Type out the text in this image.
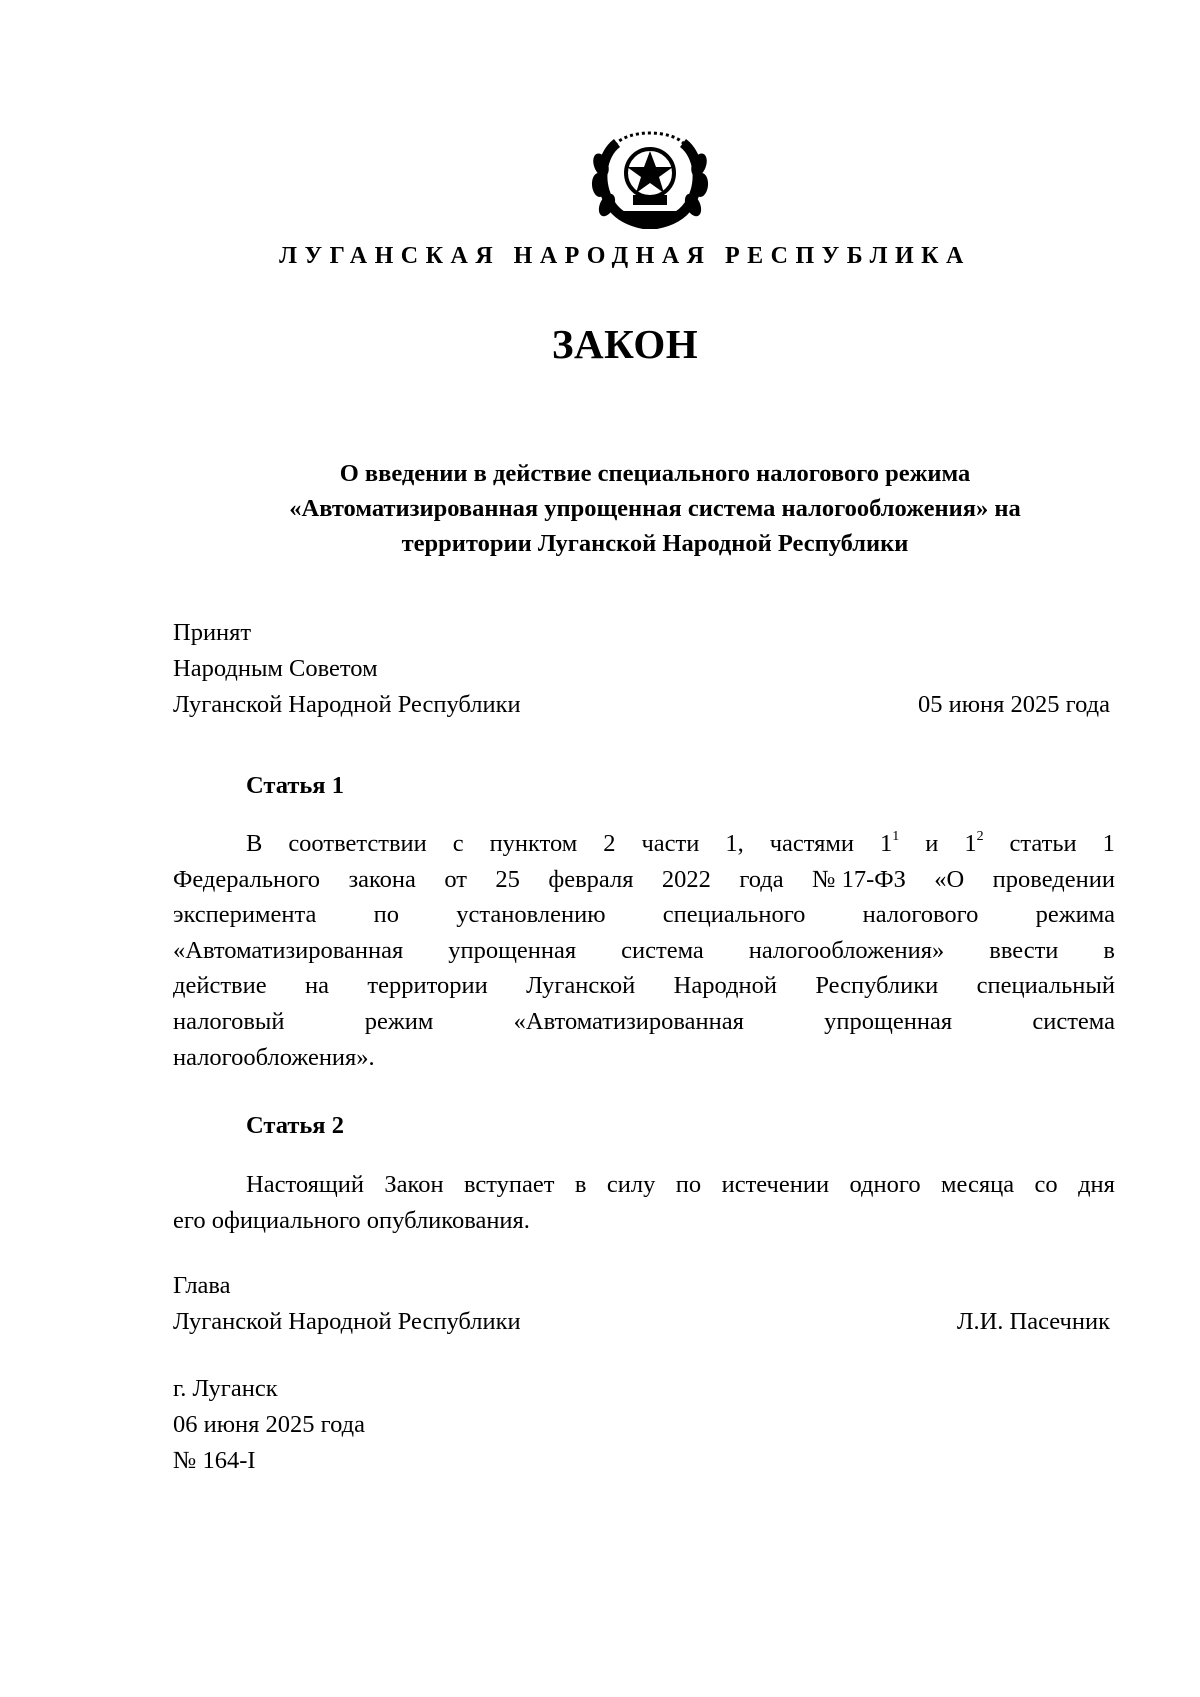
ЛУГАНСКАЯ НАРОДНАЯ РЕСПУБЛИКА
ЗАКОН
О введении в действие специального налогового режима
«Автоматизированная упрощенная система налогообложения» на
территории Луганской Народной Республики
Принят
Народным Советом
Луганской Народной Республики	05 июня 2025 года
Статья 1
В соответствии с пунктом 2 части 1, частями $1^1$ и $1^2$ статьи 1
Федерального закона от 25 февраля 2022 года № 17-ФЗ «О проведении
эксперимента по установлению специального налогового режима
«Автоматизированная упрощенная система налогообложения» ввести в
действие на территории Луганской Народной Республики специальный
налоговый	режим	«Автоматизированная	упрощенная	система
налогообложения».
Статья 2
Настоящий Закон вступает в силу по истечении одного месяца со дня
его официального опубликования.
Глава
Луганской Народной Республики	Л.И. Пасечник
г. Луганск
06 июня 2025 года
№ 164-I
